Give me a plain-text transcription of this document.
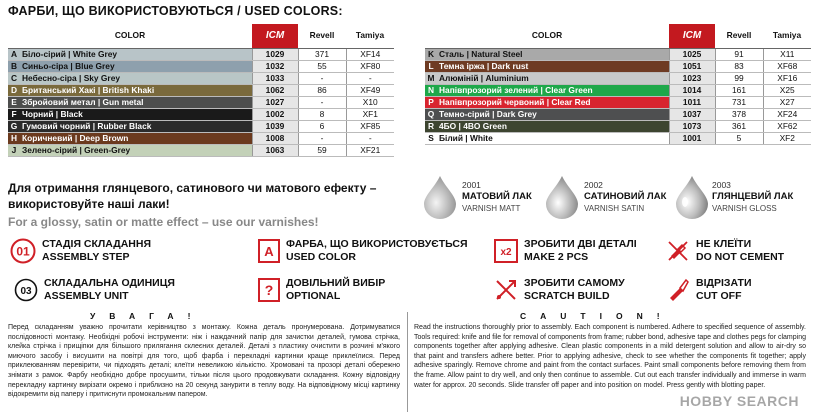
ФАРБИ, ЩО ВИКОРИСТОВУЮТЬСЯ / USED COLORS:
COLOR		ICM	Revell	Tamiya
A	Біло-сірий | White Grey	1029	371	XF14
B	Синьо-сіра | Blue Grey	1032	55	XF80
C	Небесно-сіра | Sky Grey	1033	-	-
D	Британський Хакі | British Khaki	1062	86	XF49
E	Збройовий метал | Gun metal	1027	-	X10
F	Чорний | Black	1002	8	XF1
G	Гумовий чорний | Rubber Black	1039	6	XF85
H	Коричневий | Deep Brown	1008	-	-
J	Зелено-сірий | Green-Grey	1063	59	XF21
COLOR		ICM	Revell	Tamiya
K	Сталь | Natural Steel	1025	91	X11
L	Темна іржа | Dark rust	1051	83	XF68
M	Алюміній | Aluminium	1023	99	XF16
N	Напівпрозорий зелений | Clear Green	1014	161	X25
P	Напівпрозорий червоний | Clear Red	1011	731	X27
Q	Темно-сірий | Dark Grey	1037	378	XF24
R	4БО | 4BO Green	1073	361	XF62
S	Білий | White	1001	5	XF2
Для отримання глянцевого, сатинового чи матового ефекту –
використовуйте наші лаки!
For a glossy, satin or matte effect – use our varnishes!
2001
МАТОВИЙ ЛАК
VARNISH MATT
2002
САТИНОВИЙ ЛАК
VARNISH SATIN
2003
ГЛЯНЦЕВИЙ ЛАК
VARNISH GLOSS
01
СТАДІЯ СКЛАДАННЯ
ASSEMBLY STEP	A ФАРБА, ЩО ВИКОРИСТОВУЄТЬСЯ
USED COLOR	x2
ЗРОБИТИ ДВІ ДЕТАЛІ
MAKE 2 PCS
НЕ КЛЕЇТИ
DO NOT CEMENT
03
СКЛАДАЛЬНА ОДИНИЦЯ
ASSEMBLY UNIT	? ДОВІЛЬНИЙ ВИБІР
OPTIONAL
ЗРОБИТИ САМОМУ
SCRATCH BUILD
ВІДРІЗАТИ
CUT OFF
УВАГА!
Перед складанням уважно прочитати керівництво з монтажу. Кожна деталь пронумерована. Дотримуватися послідовності монтажу. Необхідні робочі інструменти: ніж і наждачний папір для зачистки деталей, гумова стрічка, клейка стрічка і прищіпки для більшого прилягання склеєних деталей. Деталі з пластику очистити в розчині м'якого миючого засобу і висушити на повітрі для того, щоб фарба і перекладні картинки краще приклеїлися. Перед приклеюванням перевірити, чи підходять деталі; клеїти невеликою кількістю. Хромовані та прозорі деталі обережно знімати з рамок. Фарбу необхідно добре просушити, тільки після цього продовжувати складання. Кожну відповідну перекладну картинку вирізати окремо і приблизно на 20 секунд занурити в теплу воду. На відповідному місці картинку відокремити від паперу і притиснути промокальним папером.
CAUTION!
Read the instructions thoroughly prior to assembly. Each component is numbered. Adhere to specified sequence of assembly. Tools required: knife and file for removal of components from frame; rubber bond, adhesive tape and clothes pegs for clamping components together after applying adhesive. Clean plastic components in a mild detergent solution and allow to air-dry so that paint and transfers adhere better. Prior to applying adhesive, check to see whether the components fit together; apply adhesive sparingly. Remove chrome and paint from the contact surfaces. Paint small components before removing them from the frame. Allow paint to dry well, and only then continue to assemble. Cut out each transfer individually and immerse in warm water for approx. 20 seconds. Slide transfer off paper and into position on model. Press gently with blotting paper.
HOBBY SEARCH
